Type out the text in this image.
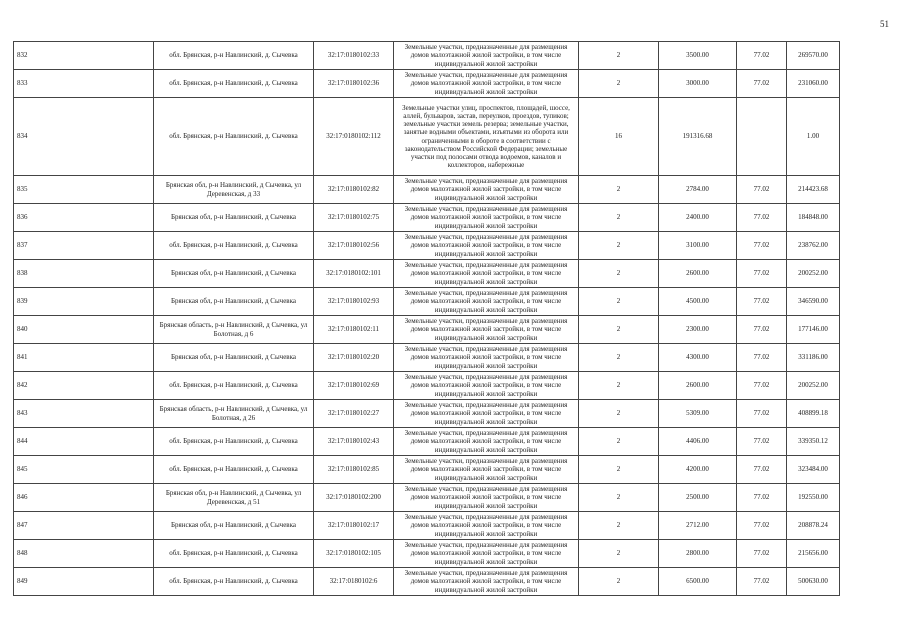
51
832	обл. Брянская, р-н Навлинский, д. Сычевка	32:17:0180102:33	Земельные участки, предназначенные для размещения домов малоэтажной жилой застройки, в том числе индивидуальной жилой застройки	2	3500.00	77.02	269570.00
833	обл. Брянская, р-н Навлинский, д. Сычевка	32:17:0180102:36	Земельные участки, предназначенные для размещения домов малоэтажной жилой застройки, в том числе индивидуальной жилой застройки	2	3000.00	77.02	231060.00
834	обл. Брянская, р-н Навлинский, д. Сычевка	32:17:0180102:112	Земельные участки улиц, проспектов, площадей, шоссе, аллей, бульваров, застав, переулков, проездов, тупиков; земельные участки земель резерва; земельные участки, занятые водными объектами, изъятыми из оборота или ограниченными в обороте в соответствии с законодательством Российской Федерации; земельные участки под полосами отвода водоемов, каналов и коллекторов, набережные	16	191316.68		1.00
835	Брянская обл, р-н Навлинский, д Сычевка, ул Деревенская, д 33	32:17:0180102:82	Земельные участки, предназначенные для размещения домов малоэтажной жилой застройки, в том числе индивидуальной жилой застройки	2	2784.00	77.02	214423.68
836	Брянская обл, р-н Навлинский, д Сычевка	32:17:0180102:75	Земельные участки, предназначенные для размещения домов малоэтажной жилой застройки, в том числе индивидуальной жилой застройки	2	2400.00	77.02	184848.00
837	обл. Брянская, р-н Навлинский, д. Сычевка	32:17:0180102:56	Земельные участки, предназначенные для размещения домов малоэтажной жилой застройки, в том числе индивидуальной жилой застройки	2	3100.00	77.02	238762.00
838	Брянская обл, р-н Навлинский, д Сычевка	32:17:0180102:101	Земельные участки, предназначенные для размещения домов малоэтажной жилой застройки, в том числе индивидуальной жилой застройки	2	2600.00	77.02	200252.00
839	Брянская обл, р-н Навлинский, д Сычевка	32:17:0180102:93	Земельные участки, предназначенные для размещения домов малоэтажной жилой застройки, в том числе индивидуальной жилой застройки	2	4500.00	77.02	346590.00
840	Брянская область, р-н Навлинский, д Сычевка, ул Болотная, д 6	32:17:0180102:11	Земельные участки, предназначенные для размещения домов малоэтажной жилой застройки, в том числе индивидуальной жилой застройки	2	2300.00	77.02	177146.00
841	Брянская обл, р-н Навлинский, д Сычевка	32:17:0180102:20	Земельные участки, предназначенные для размещения домов малоэтажной жилой застройки, в том числе индивидуальной жилой застройки	2	4300.00	77.02	331186.00
842	обл. Брянская, р-н Навлинский, д. Сычевка	32:17:0180102:69	Земельные участки, предназначенные для размещения домов малоэтажной жилой застройки, в том числе индивидуальной жилой застройки	2	2600.00	77.02	200252.00
843	Брянская область, р-н Навлинский, д Сычевка, ул Болотная, д 26	32:17:0180102:27	Земельные участки, предназначенные для размещения домов малоэтажной жилой застройки, в том числе индивидуальной жилой застройки	2	5309.00	77.02	408899.18
844	обл. Брянская, р-н Навлинский, д. Сычевка	32:17:0180102:43	Земельные участки, предназначенные для размещения домов малоэтажной жилой застройки, в том числе индивидуальной жилой застройки	2	4406.00	77.02	339350.12
845	обл. Брянская, р-н Навлинский, д. Сычевка	32:17:0180102:85	Земельные участки, предназначенные для размещения домов малоэтажной жилой застройки, в том числе индивидуальной жилой застройки	2	4200.00	77.02	323484.00
846	Брянская обл, р-н Навлинский, д Сычевка, ул Деревенская, д 51	32:17:0180102:200	Земельные участки, предназначенные для размещения домов малоэтажной жилой застройки, в том числе индивидуальной жилой застройки	2	2500.00	77.02	192550.00
847	Брянская обл, р-н Навлинский, д Сычевка	32:17:0180102:17	Земельные участки, предназначенные для размещения домов малоэтажной жилой застройки, в том числе индивидуальной жилой застройки	2	2712.00	77.02	208878.24
848	обл. Брянская, р-н Навлинский, д. Сычевка	32:17:0180102:105	Земельные участки, предназначенные для размещения домов малоэтажной жилой застройки, в том числе индивидуальной жилой застройки	2	2800.00	77.02	215656.00
849	обл. Брянская, р-н Навлинский, д. Сычевка	32:17:0180102:6	Земельные участки, предназначенные для размещения домов малоэтажной жилой застройки, в том числе индивидуальной жилой застройки	2	6500.00	77.02	500630.00
